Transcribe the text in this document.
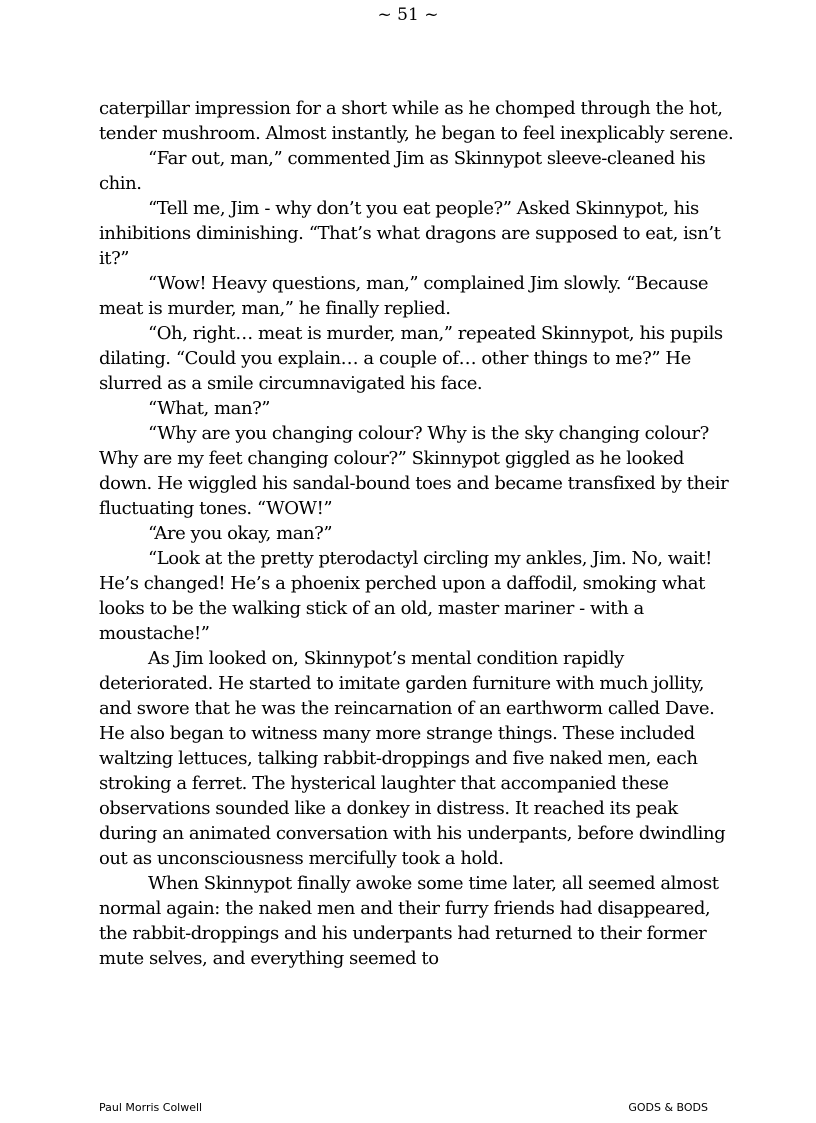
~ 51 ~

caterpillar impression for a short while as he chomped through the hot, tender mushroom. Almost instantly, he began to feel inexplicably serene.

“Far out, man,” commented Jim as Skinnypot sleeve-cleaned his chin.

“Tell me, Jim - why don’t you eat people?” Asked Skinnypot, his inhibitions diminishing. “That’s what dragons are supposed to eat, isn’t it?”

“Wow! Heavy questions, man,” complained Jim slowly. “Because meat is murder, man,” he finally replied.

“Oh, right… meat is murder, man,” repeated Skinnypot, his pupils dilating. “Could you explain… a couple of… other things to me?” He slurred as a smile circumnavigated his face.

“What, man?”

“Why are you changing colour? Why is the sky changing colour? Why are my feet changing colour?” Skinnypot giggled as he looked down. He wiggled his sandal-bound toes and became transfixed by their fluctuating tones. “WOW!”

“Are you okay, man?”

“Look at the pretty pterodactyl circling my ankles, Jim. No, wait! He’s changed! He’s a phoenix perched upon a daffodil, smoking what looks to be the walking stick of an old, master mariner - with a moustache!”

As Jim looked on, Skinnypot’s mental condition rapidly deteriorated. He started to imitate garden furniture with much jollity, and swore that he was the reincarnation of an earthworm called Dave. He also began to witness many more strange things. These included waltzing lettuces, talking rabbit-droppings and five naked men, each stroking a ferret. The hysterical laughter that accompanied these observations sounded like a donkey in distress. It reached its peak during an animated conversation with his underpants, before dwindling out as unconsciousness mercifully took a hold.

When Skinnypot finally awoke some time later, all seemed almost normal again: the naked men and their furry friends had disappeared, the rabbit-droppings and his underpants had returned to their former mute selves, and everything seemed to

Paul Morris Colwell	GODS & BODS
